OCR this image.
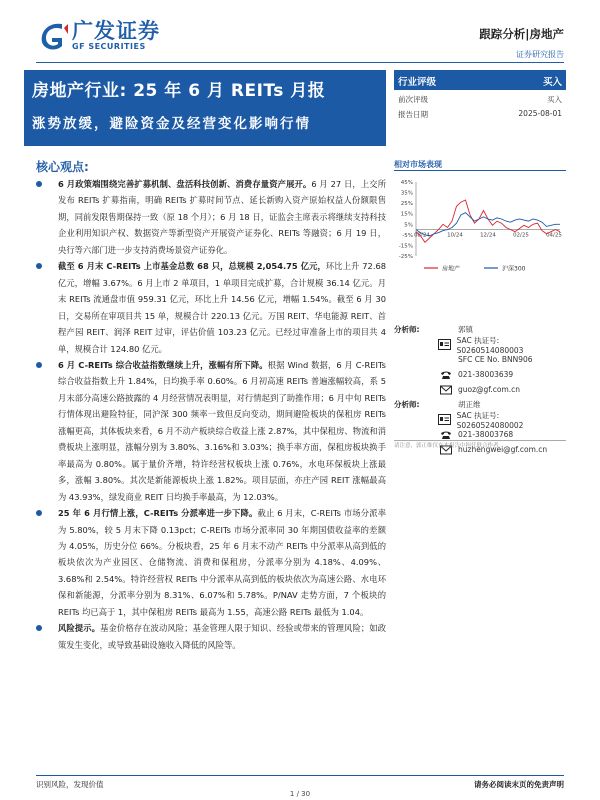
广发证券
GF SECURITIES
跟踪分析|房地产
证券研究报告
房地产行业: 25 年 6 月 REITs 月报
涨势放缓，避险资金及经营变化影响行情
行业评级	买入
前次评级	买入
报告日期	2025-08-01
核心观点:
6 月政策端围绕完善扩募机制、盘活科技创新、消费存量资产展开。6 月 27 日，上交所发布 REITs 扩募指南，明确 REITs 扩募时间节点、延长新购入资产原始权益人份额限售期，同前发限售期保持一致（原 18 个月）；6 月 18 日，证监会主席表示将继续支持科技企业利用知识产权、数据资产等新型资产开展资产证券化、REITs 等融资；6 月 19 日，央行等六部门进一步支持消费场景资产证券化。
截至 6 月末 C-REITs 上市基金总数 68 只，总规模 2,054.75 亿元，环比上升 72.68 亿元，增幅 3.67%。6 月上市 2 单项目，1 单项目完成扩募，合计规模 36.14 亿元。月末 REITs 流通盘市值 959.31 亿元，环比上升 14.56 亿元，增幅 1.54%。截至 6 月 30 日，交易所在审项目共 15 单，规模合计 220.13 亿元。万国 REIT、华电能源 REIT、首程产园 REIT、润泽 REIT 过审，评估价值 103.23 亿元。已经过审准备上市的项目共 4 单，规模合计 124.80 亿元。
6 月 C-REITs 综合收益指数继续上升，涨幅有所下降。根据 Wind 数据，6 月 C-REITs 综合收益指数上升 1.84%，日均换手率 0.60%。6 月初高速 REITs 普遍涨幅较高，系 5 月末部分高速公路披露的 4 月经营情况表明显，对行情起到了助推作用；6 月中旬 REITs 行情体现出避险特征，同沪深 300 频率一致但反向变动，期间避险板块的保租房 REITs 涨幅更高，其体板块来看，6 月不动产板块综合收益上涨 2.87%，其中保租房、物流和消费板块上涨明显，涨幅分别为 3.80%、3.16%和 3.03%；换手率方面，保租房板块换手率最高为 0.80%。属于量价齐增，特许经营权板块上涨 0.76%，水电环保板块上涨最多，涨幅 3.80%。其次是新能源板块上涨 1.82%。项目层面，亦庄产园 REIT 涨幅最高为 43.93%，绿发商业 REIT 日均换手率最高，为 12.03%。
25 年 6 月行情上涨，C-REITs 分派率进一步下降。截止 6 月末，C-REITs 市场分派率为 5.80%，较 5 月末下降 0.13pct；C-REITs 市场分派率同 30 年期国债收益率的差额为 4.05%，历史分位 66%。分板块看，25 年 6 月末不动产 REITs 中分派率从高到低的板块依次为产业园区、仓储物流、消费和保租房，分派率分别为 4.18%、4.09%、3.68%和 2.54%。特许经营权 REITs 中分派率从高到低的板块依次为高速公路、水电环保和新能源，分派率分别为 8.31%、6.07%和 5.78%。P/NAV 走势方面，7 个板块的 REITs 均已高于 1，其中保租房 REITs 最高为 1.55，高速公路 REITs 最低为 1.04。
风险提示。基金价格存在波动风险；基金管理人限于知识、经验或带来的管理风险；如政策发生变化，或导致基础设施收入降低的风险等。
相对市场表现
45%
35%
25%
15%
5%
-5%
-15%
-25%
08/24	10/24	12/24	02/25	04/25
房地产	沪深300
分析师:	郭镇
SAC 执证号: S0260514080003
SFC CE No. BNN906
021-38003639
guoz@gf.com.cn
分析师:	胡正维
SAC 执证号: S0260524080002
021-38003768
huzhengwei@gf.com.cn
请注意，郭正维仅在本报告中担任联合作者。
识别风险，发现价值	请务必阅读末页的免责声明
1 / 30
